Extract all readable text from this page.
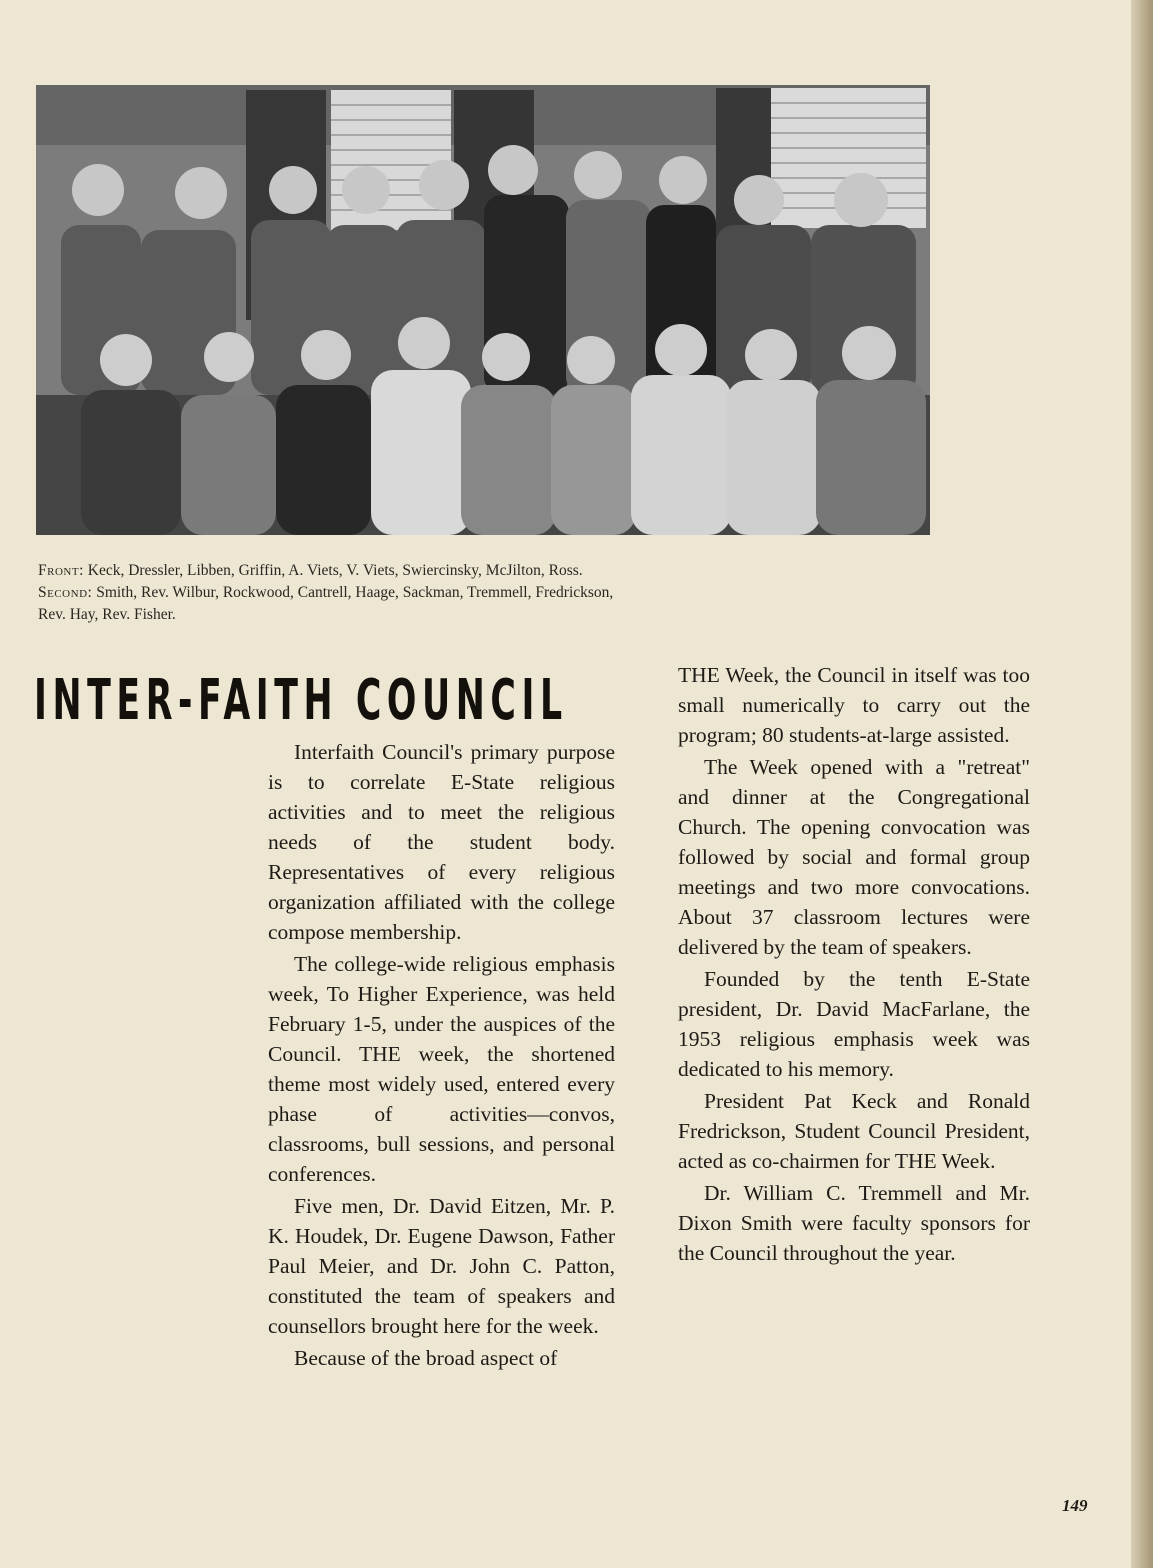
Front: Keck, Dressler, Libben, Griffin, A. Viets, V. Viets, Swiercinsky, McJilton, Ross. Second: Smith, Rev. Wilbur, Rockwood, Cantrell, Haage, Sackman, Tremmell, Fredrickson, Rev. Hay, Rev. Fisher.
INTER-FAITH COUNCIL

Interfaith Council's primary purpose is to correlate E-State religious activities and to meet the religious needs of the student body. Representatives of every religious organization affiliated with the college compose membership.

The college-wide religious emphasis week, To Higher Experience, was held February 1-5, under the auspices of the Council. THE week, the shortened theme most widely used, entered every phase of activities—convos, classrooms, bull sessions, and personal conferences.

Five men, Dr. David Eitzen, Mr. P. K. Houdek, Dr. Eugene Dawson, Father Paul Meier, and Dr. John C. Patton, constituted the team of speakers and counsellors brought here for the week.

Because of the broad aspect of

THE Week, the Council in itself was too small numerically to carry out the program; 80 students-at-large assisted.

The Week opened with a "retreat" and dinner at the Congregational Church. The opening convocation was followed by social and formal group meetings and two more convocations. About 37 classroom lectures were delivered by the team of speakers.

Founded by the tenth E-State president, Dr. David MacFarlane, the 1953 religious emphasis week was dedicated to his memory.

President Pat Keck and Ronald Fredrickson, Student Council President, acted as co-chairmen for THE Week.

Dr. William C. Tremmell and Mr. Dixon Smith were faculty sponsors for the Council throughout the year.

149
